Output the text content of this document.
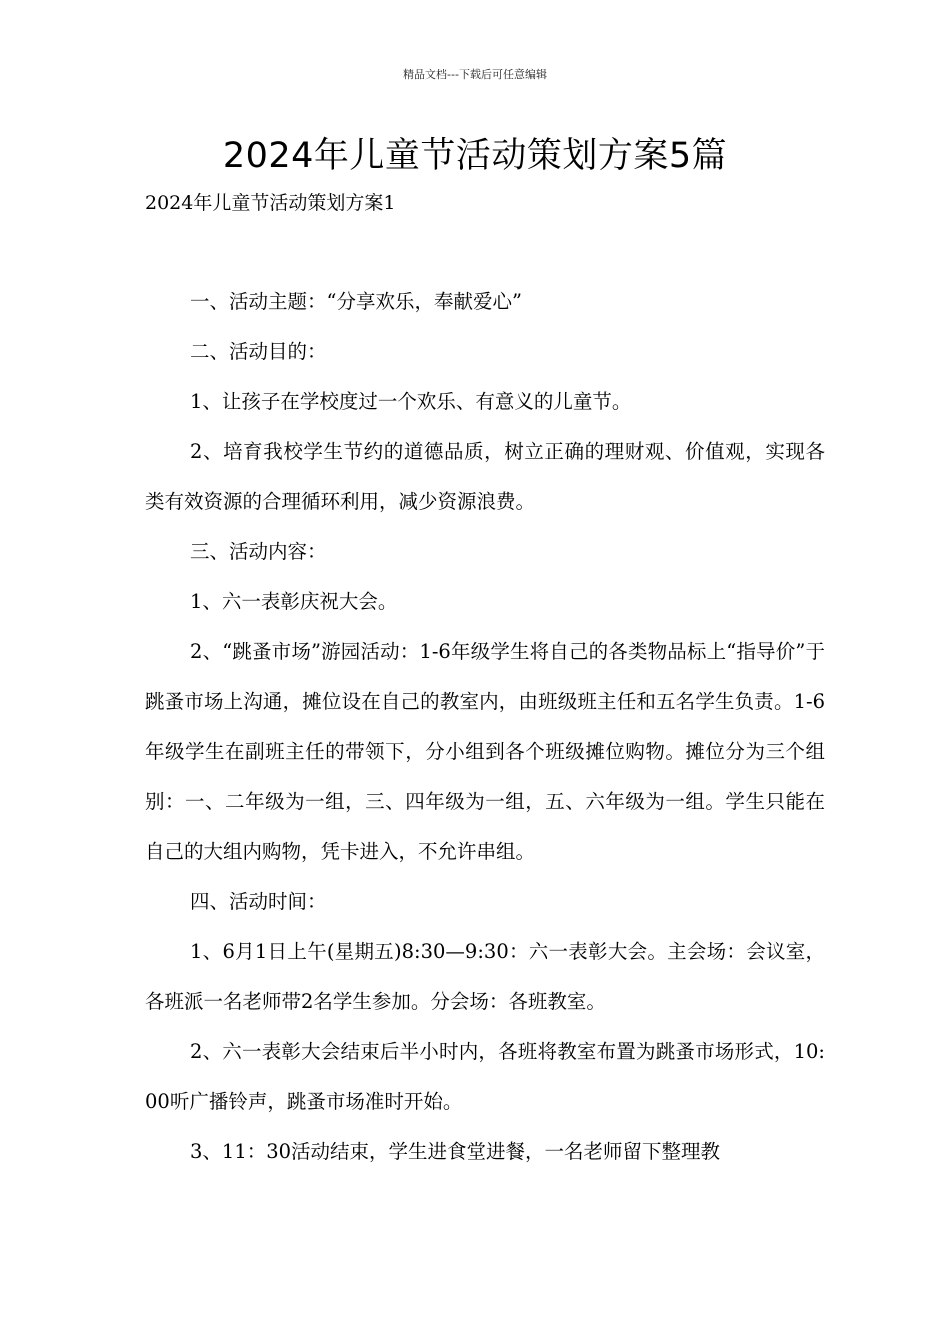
精品文档---下载后可任意编辑
2024年儿童节活动策划方案5篇
2024年儿童节活动策划方案1

一、活动主题：“分享欢乐，奉献爱心”

二、活动目的：

1、让孩子在学校度过一个欢乐、有意义的儿童节。

2、培育我校学生节约的道德品质，树立正确的理财观、价值观，实现各类有效资源的合理循环利用，减少资源浪费。

三、活动内容：

1、六一表彰庆祝大会。

2、“跳蚤市场”游园活动：1-6年级学生将自己的各类物品标上“指导价”于跳蚤市场上沟通，摊位设在自己的教室内，由班级班主任和五名学生负责。1-6年级学生在副班主任的带领下，分小组到各个班级摊位购物。摊位分为三个组别：一、二年级为一组，三、四年级为一组，五、六年级为一组。学生只能在自己的大组内购物，凭卡进入，不允许串组。

四、活动时间：

1、6月1日上午(星期五)8:30—9:30：六一表彰大会。主会场：会议室，各班派一名老师带2名学生参加。分会场：各班教室。

2、六一表彰大会结束后半小时内，各班将教室布置为跳蚤市场形式，10:00听广播铃声，跳蚤市场准时开始。

3、11：30活动结束，学生进食堂进餐，一名老师留下整理教
